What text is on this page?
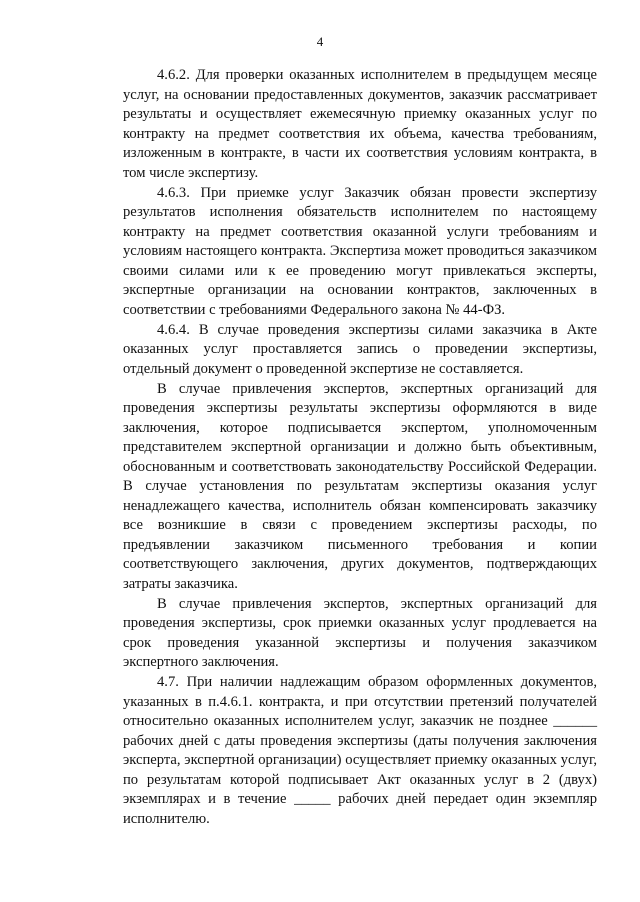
4

4.6.2. Для проверки оказанных исполнителем в предыдущем месяце услуг, на основании предоставленных документов, заказчик рассматривает результаты и осуществляет ежемесячную приемку оказанных услуг по контракту на предмет соответствия их объема, качества требованиям, изложенным в контракте, в части их соответствия условиям контракта, в том числе экспертизу.

4.6.3. При приемке услуг Заказчик обязан провести экспертизу результатов исполнения обязательств исполнителем по настоящему контракту на предмет соответствия оказанной услуги требованиям и условиям настоящего контракта. Экспертиза может проводиться заказчиком своими силами или к ее проведению могут привлекаться эксперты, экспертные организации на основании контрактов, заключенных в соответствии с требованиями Федерального закона № 44-ФЗ.

4.6.4. В случае проведения экспертизы силами заказчика в Акте оказанных услуг проставляется запись о проведении экспертизы, отдельный документ о проведенной экспертизе не составляется.

В случае привлечения экспертов, экспертных организаций для проведения экспертизы результаты экспертизы оформляются в виде заключения, которое подписывается экспертом, уполномоченным представителем экспертной организации и должно быть объективным, обоснованным и соответствовать законодательству Российской Федерации. В случае установления по результатам экспертизы оказания услуг ненадлежащего качества, исполнитель обязан компенсировать заказчику все возникшие в связи с проведением экспертизы расходы, по предъявлении заказчиком письменного требования и копии соответствующего заключения, других документов, подтверждающих затраты заказчика.

В случае привлечения экспертов, экспертных организаций для проведения экспертизы, срок приемки оказанных услуг продлевается на срок проведения указанной экспертизы и получения заказчиком экспертного заключения.

4.7. При наличии надлежащим образом оформленных документов, указанных в п.4.6.1. контракта, и при отсутствии претензий получателей относительно оказанных исполнителем услуг, заказчик не позднее ______ рабочих дней с даты проведения экспертизы (даты получения заключения эксперта, экспертной организации) осуществляет приемку оказанных услуг, по результатам которой подписывает Акт оказанных услуг в 2 (двух) экземплярах и в течение _____ рабочих дней передает один экземпляр исполнителю.
